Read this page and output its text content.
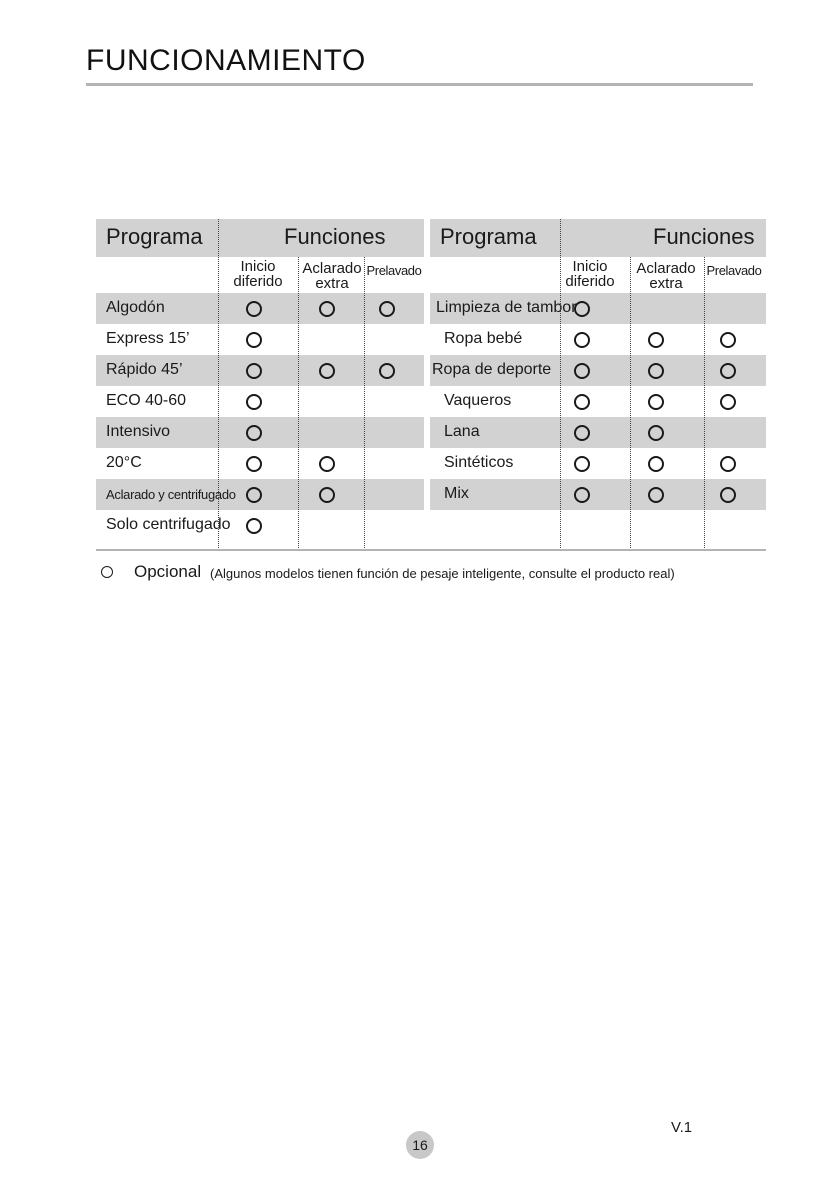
FUNCIONAMIENTO
Programa	Funciones
Inicio
diferido
Aclarado
extra
Prelavado
Algodón
Express 15’
Rápido 45’
ECO 40-60
Intensivo
20°C
Aclarado y centrifugado
Solo centrifugado
Programa	Funciones
Inicio
diferido
Aclarado
extra
Prelavado
Limpieza de tambor
Ropa bebé
Ropa de deporte
Vaqueros
Lana
Sintéticos
Mix
Opcional (Algunos modelos tienen función de pesaje inteligente, consulte el producto real)
V.1
16
